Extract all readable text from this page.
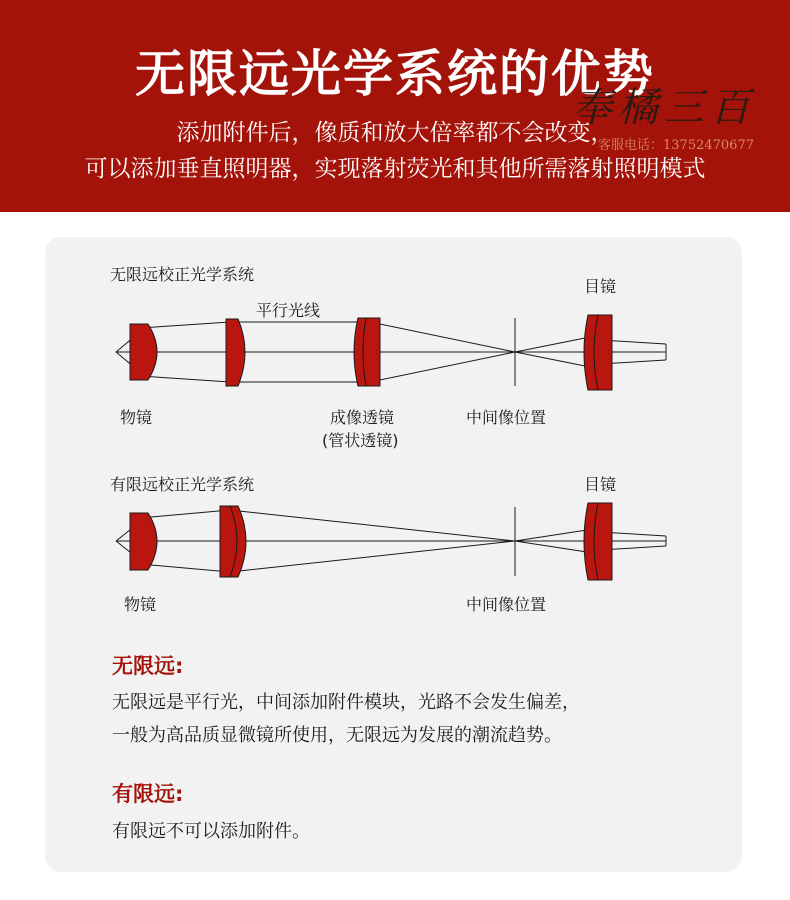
无限远光学系统的优势
添加附件后，像质和放大倍率都不会改变，
可以添加垂直照明器，实现落射荧光和其他所需落射照明模式
奉橘三百
客服电话：13752470677
无限远校正光学系统
平行光线
目镜
物镜	成像透镜
(管状透镜)
中间像位置
有限远校正光学系统	目镜
物镜	中间像位置
无限远:
无限远是平行光，中间添加附件模块，光路不会发生偏差，
一般为高品质显微镜所使用，无限远为发展的潮流趋势。
有限远:
有限远不可以添加附件。
